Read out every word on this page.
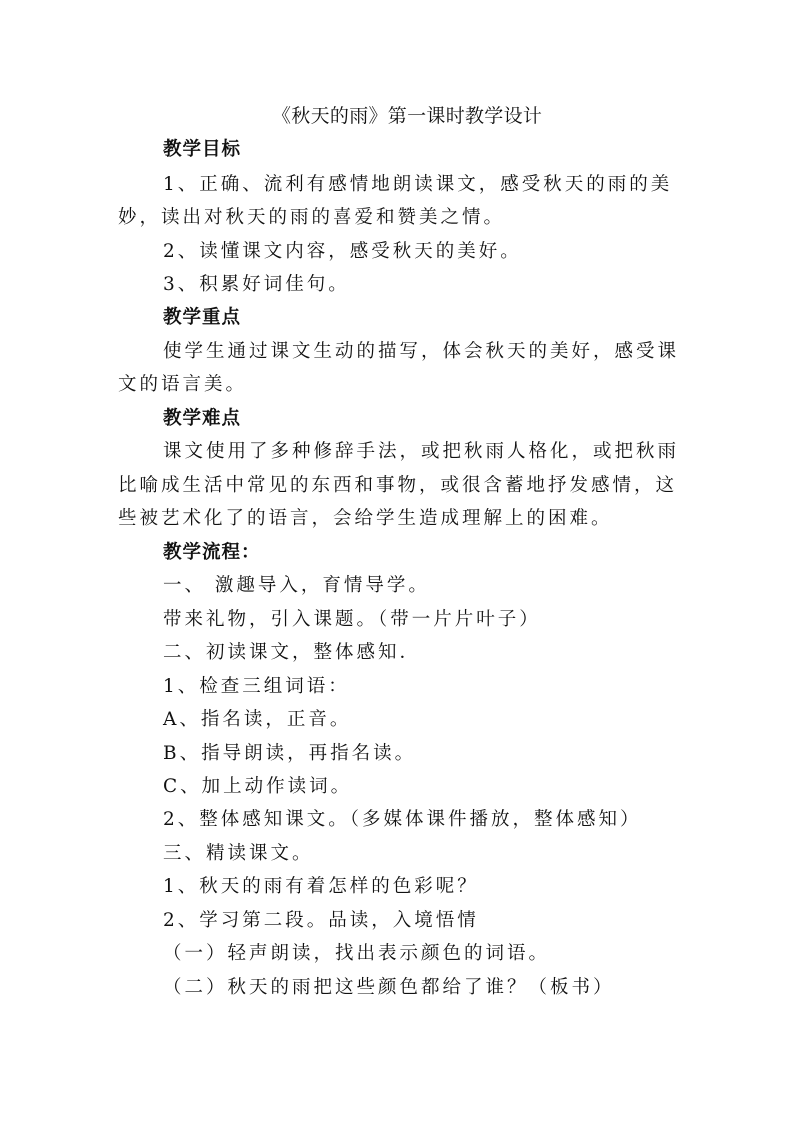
《秋天的雨》第一课时教学设计
教学目标
1、正确、流利有感情地朗读课文，感受秋天的雨的美
妙，读出对秋天的雨的喜爱和赞美之情。
2、读懂课文内容，感受秋天的美好。
3、积累好词佳句。
教学重点
使学生通过课文生动的描写，体会秋天的美好，感受课
文的语言美。
教学难点
课文使用了多种修辞手法，或把秋雨人格化，或把秋雨
比喻成生活中常见的东西和事物，或很含蓄地抒发感情，这
些被艺术化了的语言，会给学生造成理解上的困难。
教学流程：
一、 激趣导入，育情导学。
带来礼物，引入课题。（带一片片叶子）
二、初读课文，整体感知．
1、检查三组词语：
A、指名读，正音。
B、指导朗读，再指名读。
C、加上动作读词。
2、整体感知课文。（多媒体课件播放，整体感知）
三、精读课文。
1、秋天的雨有着怎样的色彩呢？
2、学习第二段。品读，入境悟情
（一）轻声朗读，找出表示颜色的词语。
（二）秋天的雨把这些颜色都给了谁？（板书）
